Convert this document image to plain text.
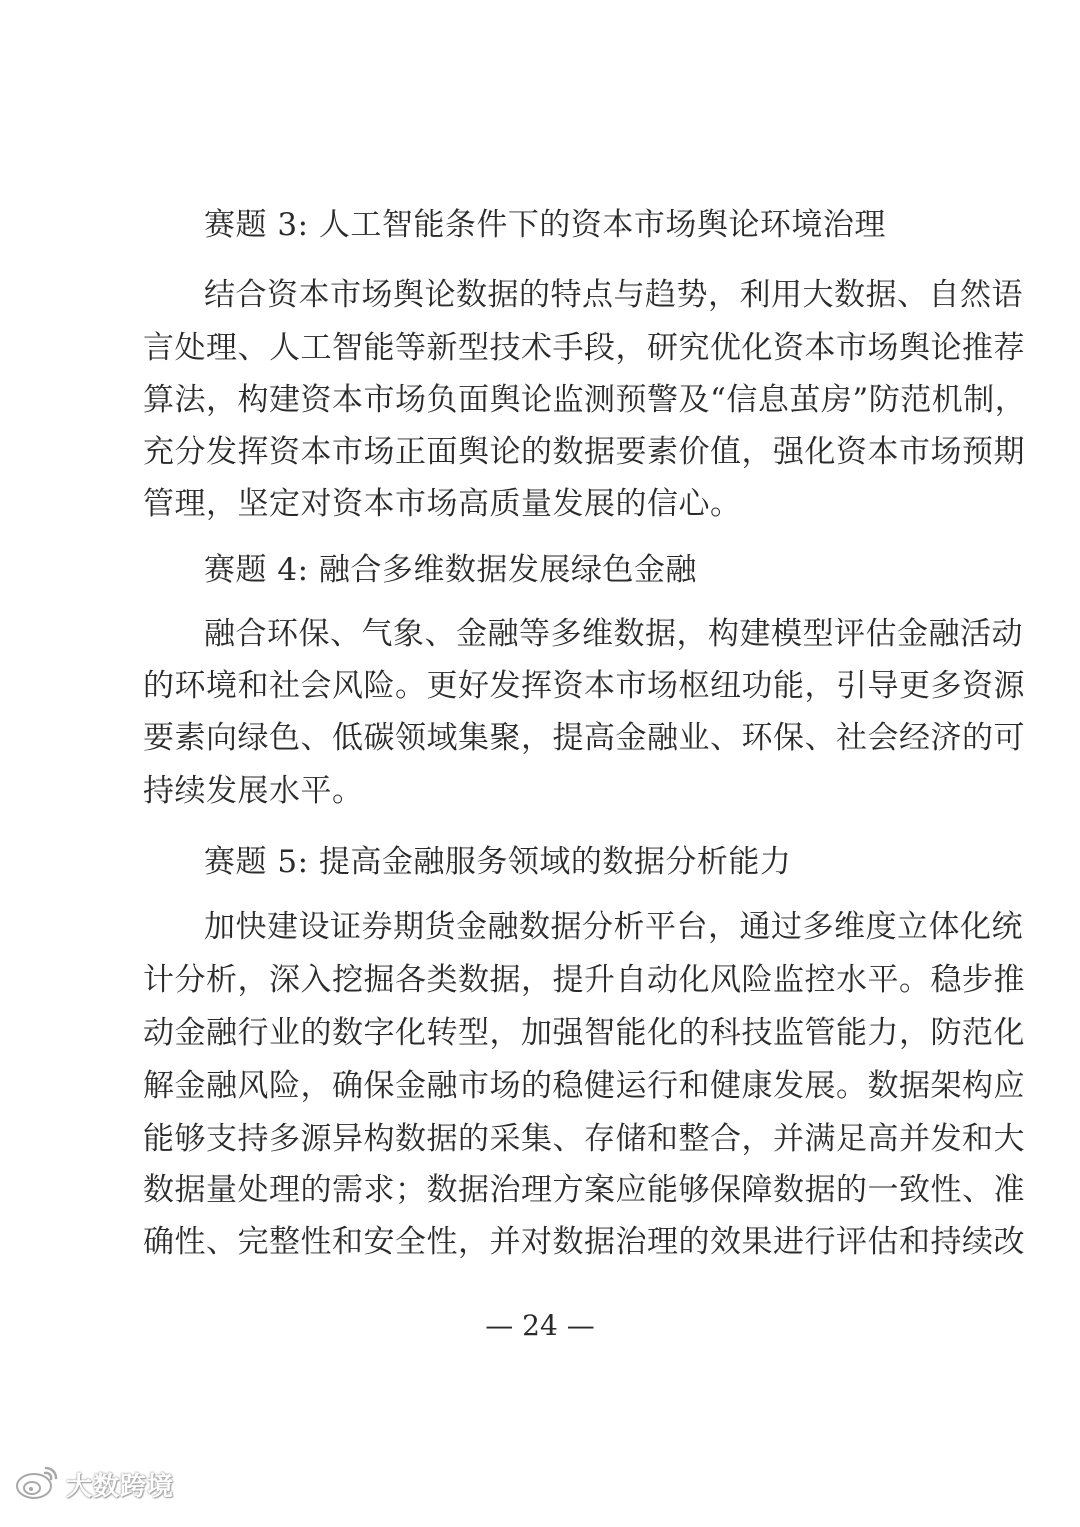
赛题 3: 人工智能条件下的资本市场舆论环境治理
结合资本市场舆论数据的特点与趋势，利用大数据、自然语
言处理、人工智能等新型技术手段，研究优化资本市场舆论推荐
算法，构建资本市场负面舆论监测预警及“信息茧房”防范机制，
充分发挥资本市场正面舆论的数据要素价值，强化资本市场预期
管理，坚定对资本市场高质量发展的信心。
赛题 4: 融合多维数据发展绿色金融
融合环保、气象、金融等多维数据，构建模型评估金融活动
的环境和社会风险。更好发挥资本市场枢纽功能，引导更多资源
要素向绿色、低碳领域集聚，提高金融业、环保、社会经济的可
持续发展水平。
赛题 5: 提高金融服务领域的数据分析能力
加快建设证券期货金融数据分析平台，通过多维度立体化统
计分析，深入挖掘各类数据，提升自动化风险监控水平。稳步推
动金融行业的数字化转型，加强智能化的科技监管能力，防范化
解金融风险，确保金融市场的稳健运行和健康发展。数据架构应
能够支持多源异构数据的采集、存储和整合，并满足高并发和大
数据量处理的需求；数据治理方案应能够保障数据的一致性、准
确性、完整性和安全性，并对数据治理的效果进行评估和持续改
— 24 —
大数跨境
